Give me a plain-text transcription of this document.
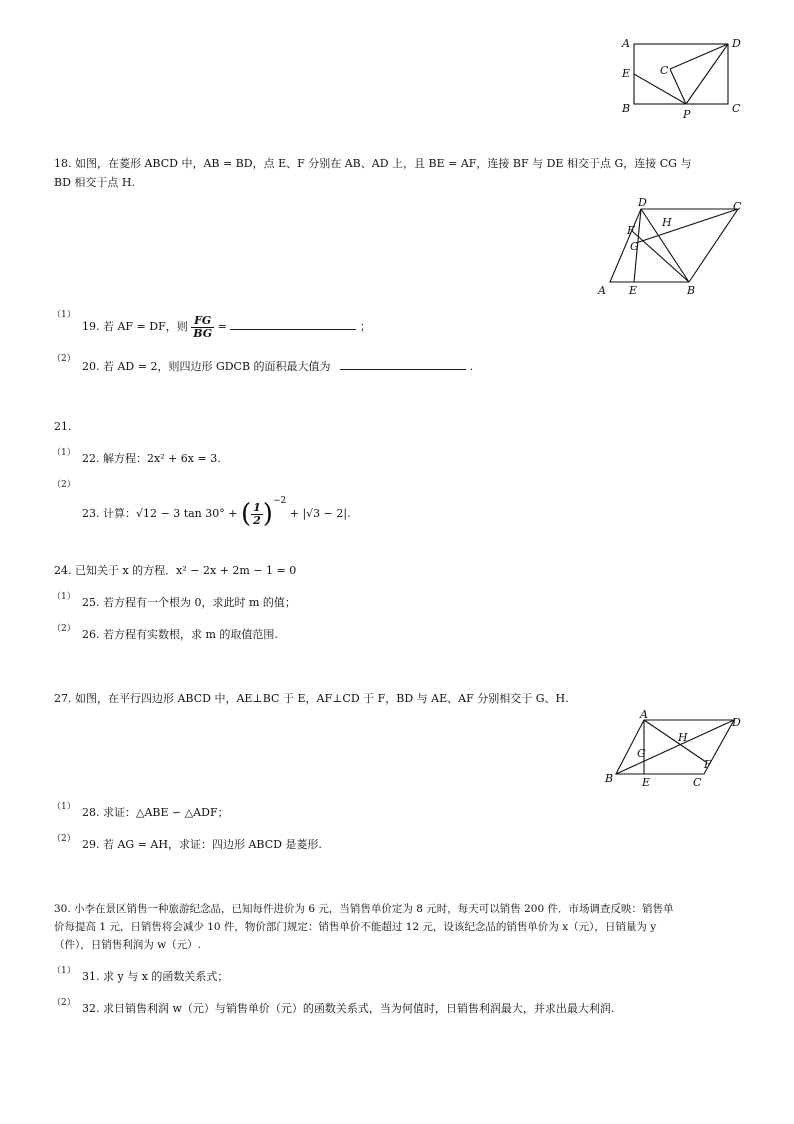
A	D
E
B	C
P
C
18. 如图，在菱形 ABCD 中，AB = BD，点 E、F 分别在 AB、AD 上，且 BE = AF，连接 BF 与 DE 相交于点 G，连接 CG 与
BD 相交于点 H.
D	C
H
F
G
A E	B
（1）
19. 若 AF = DF，则 $\frac{FG}{BG}$ =	；
（2）
20. 若 AD = 2，则四边形 GDCB 的面积最大值为	.
21.
（1） 22. 解方程：2x² + 6x = 3.
（2）
23. 计算：√12 − 3 tan 30° + ( $\frac{1}{2} )^{-2} + |√3 - 2|$.
24. 已知关于 x 的方程．x² − 2x + 2m − 1 = 0
（1） 25. 若方程有一个根为 0，求此时 m 的值；
（2） 26. 若方程有实数根，求 m 的取值范围.
27. 如图，在平行四边形 ABCD 中，AE⊥BC 于 E，AF⊥CD 于 F，BD 与 AE、AF 分别相交于 G、H.
A
D
H
G
F
B	E	C
（1） 28. 求证：△ABE ∽ △ADF；
（2） 29. 若 AG = AH，求证：四边形 ABCD 是菱形.
30. 小李在景区销售一种旅游纪念品，已知每件进价为 6 元，当销售单价定为 8 元时，每天可以销售 200 件．市场调查反映：销售单
价每提高 1 元，日销售将会减少 10 件，物价部门规定：销售单价不能超过 12 元，设该纪念品的销售单价为 x（元），日销量为 y
（件），日销售利润为 w（元）.
（1） 31. 求 y 与 x 的函数关系式；
（2） 32. 求日销售利润 w（元）与销售单价（元）的函数关系式，当为何值时，日销售利润最大，并求出最大利润.
